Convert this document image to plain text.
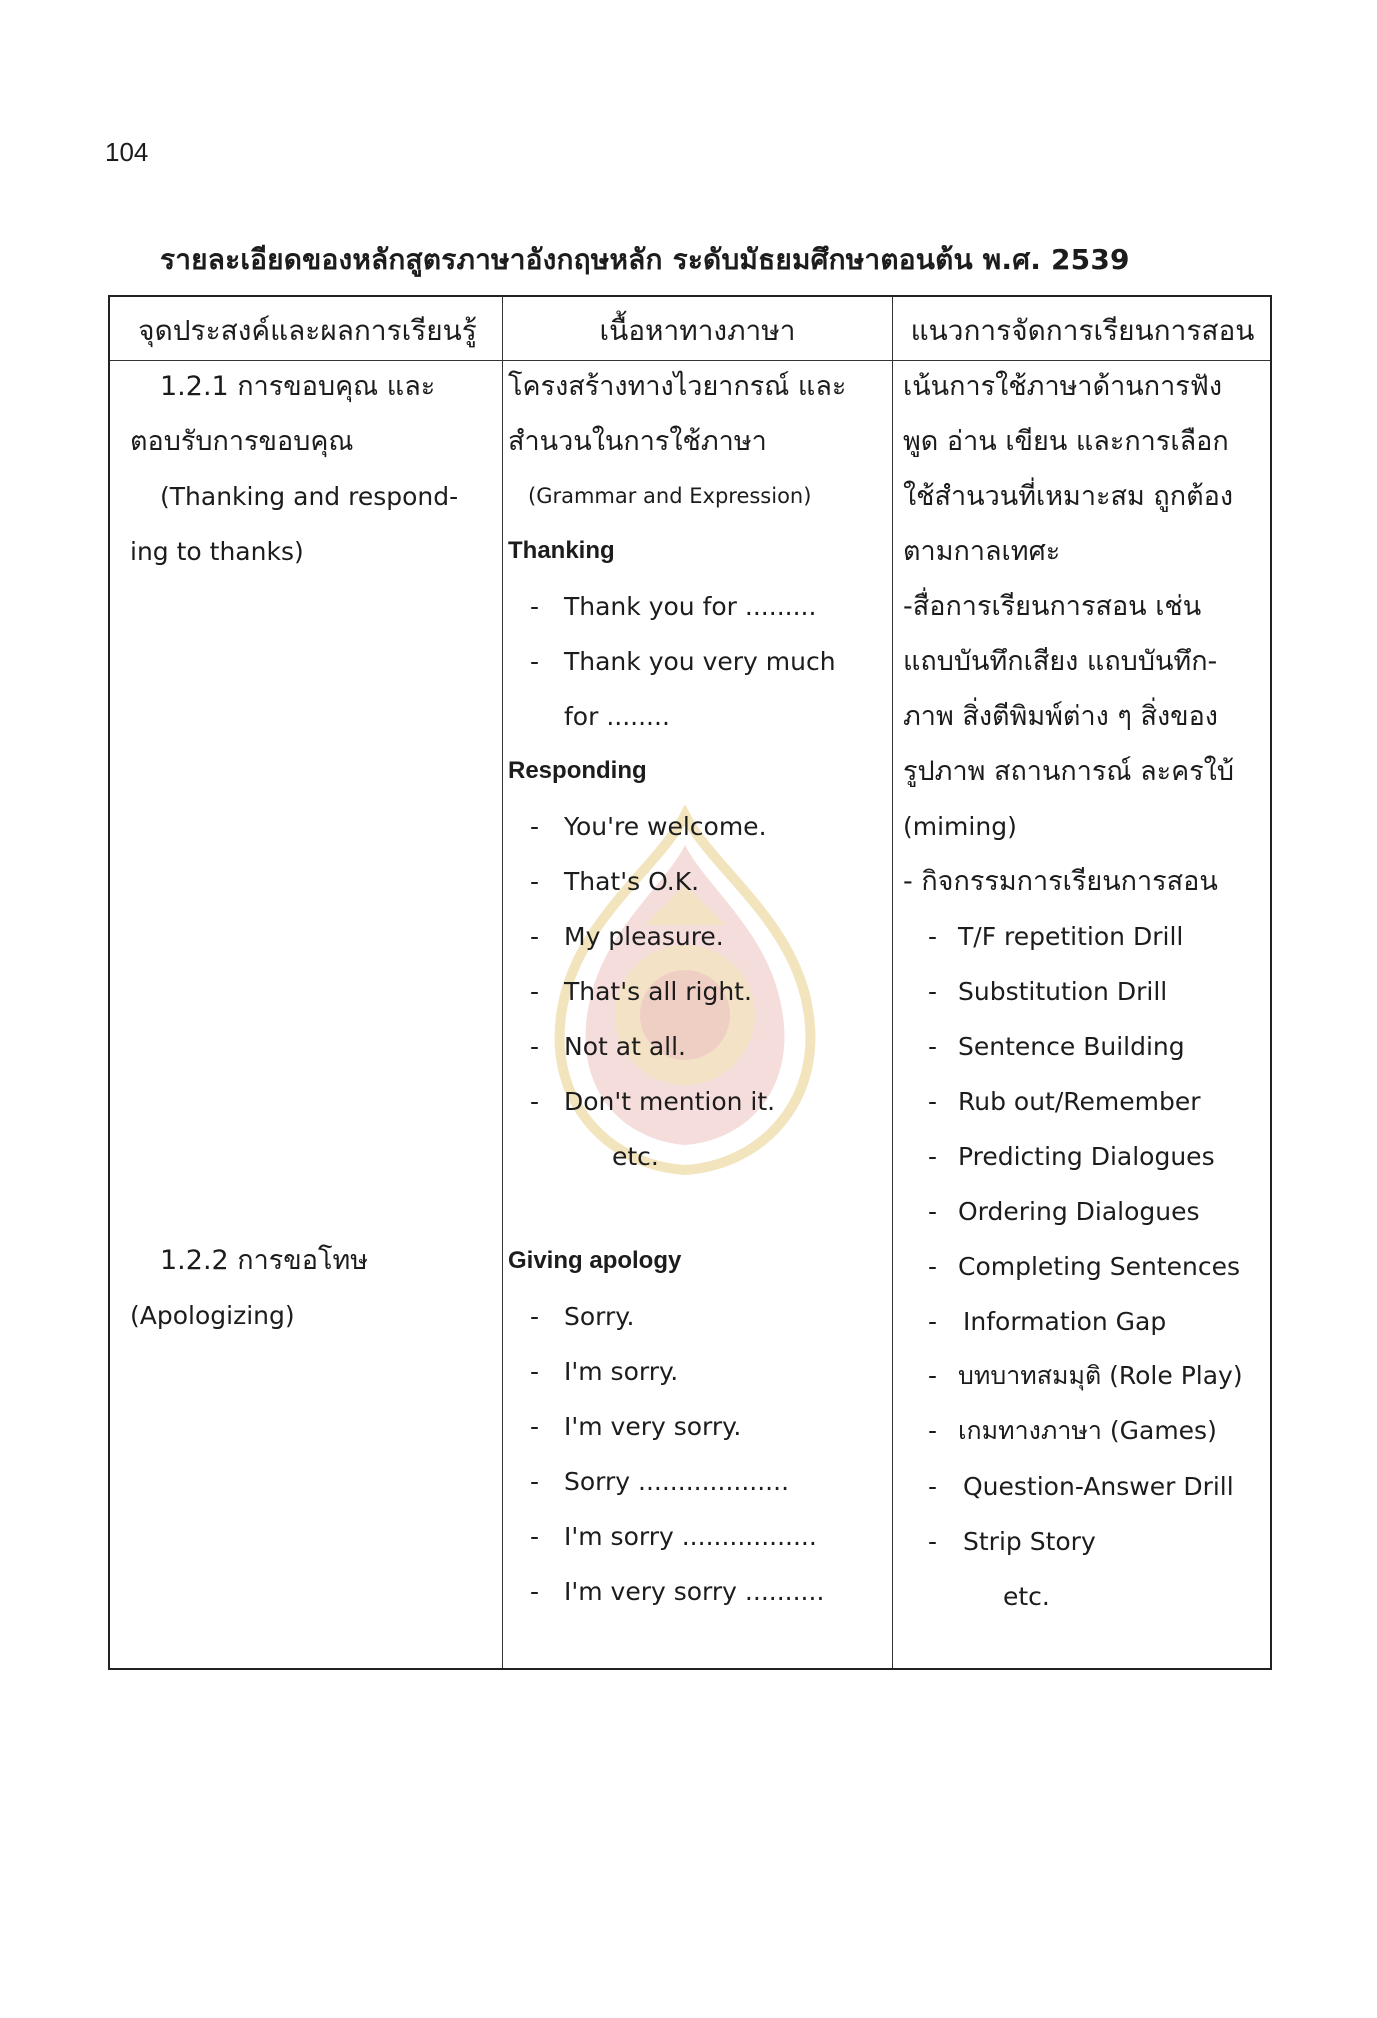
104
รายละเอียดของหลักสูตรภาษาอังกฤษหลัก ระดับมัธยมศึกษาตอนต้น พ.ศ. 2539
จุดประสงค์และผลการเรียนรู้	เนื้อหาทางภาษา	แนวการจัดการเรียนการสอน
1.2.1 การขอบคุณ และ
ตอบรับการขอบคุณ
(Thanking and respond-
ing to thanks)
1.2.2 การขอโทษ
(Apologizing)
โครงสร้างทางไวยากรณ์ และ
สำนวนในการใช้ภาษา
(Grammar and Expression)
Thanking
- Thank you for .........
- Thank you very much
for ........
Responding
- You're welcome.
- That's O.K.
- My pleasure.
- That's all right.
- Not at all.
- Don't mention it.
etc.
Giving apology
- Sorry.
- I'm sorry.
- I'm very sorry.
- Sorry ...................
- I'm sorry .................
- I'm very sorry ..........
เน้นการใช้ภาษาด้านการฟัง
พูด อ่าน เขียน และการเลือก
ใช้สำนวนที่เหมาะสม ถูกต้อง
ตามกาลเทศะ
-สื่อการเรียนการสอน เช่น
แถบบันทึกเสียง แถบบันทึก-
ภาพ สิ่งตีพิมพ์ต่าง ๆ สิ่งของ
รูปภาพ สถานการณ์ ละครใบ้
(miming)
- กิจกรรมการเรียนการสอน
- T/F repetition Drill
- Substitution Drill
- Sentence Building
- Rub out/Remember
- Predicting Dialogues
- Ordering Dialogues
- Completing Sentences
- Information Gap
- บทบาทสมมุติ (Role Play)
- เกมทางภาษา (Games)
- Question-Answer Drill
- Strip Story
etc.
